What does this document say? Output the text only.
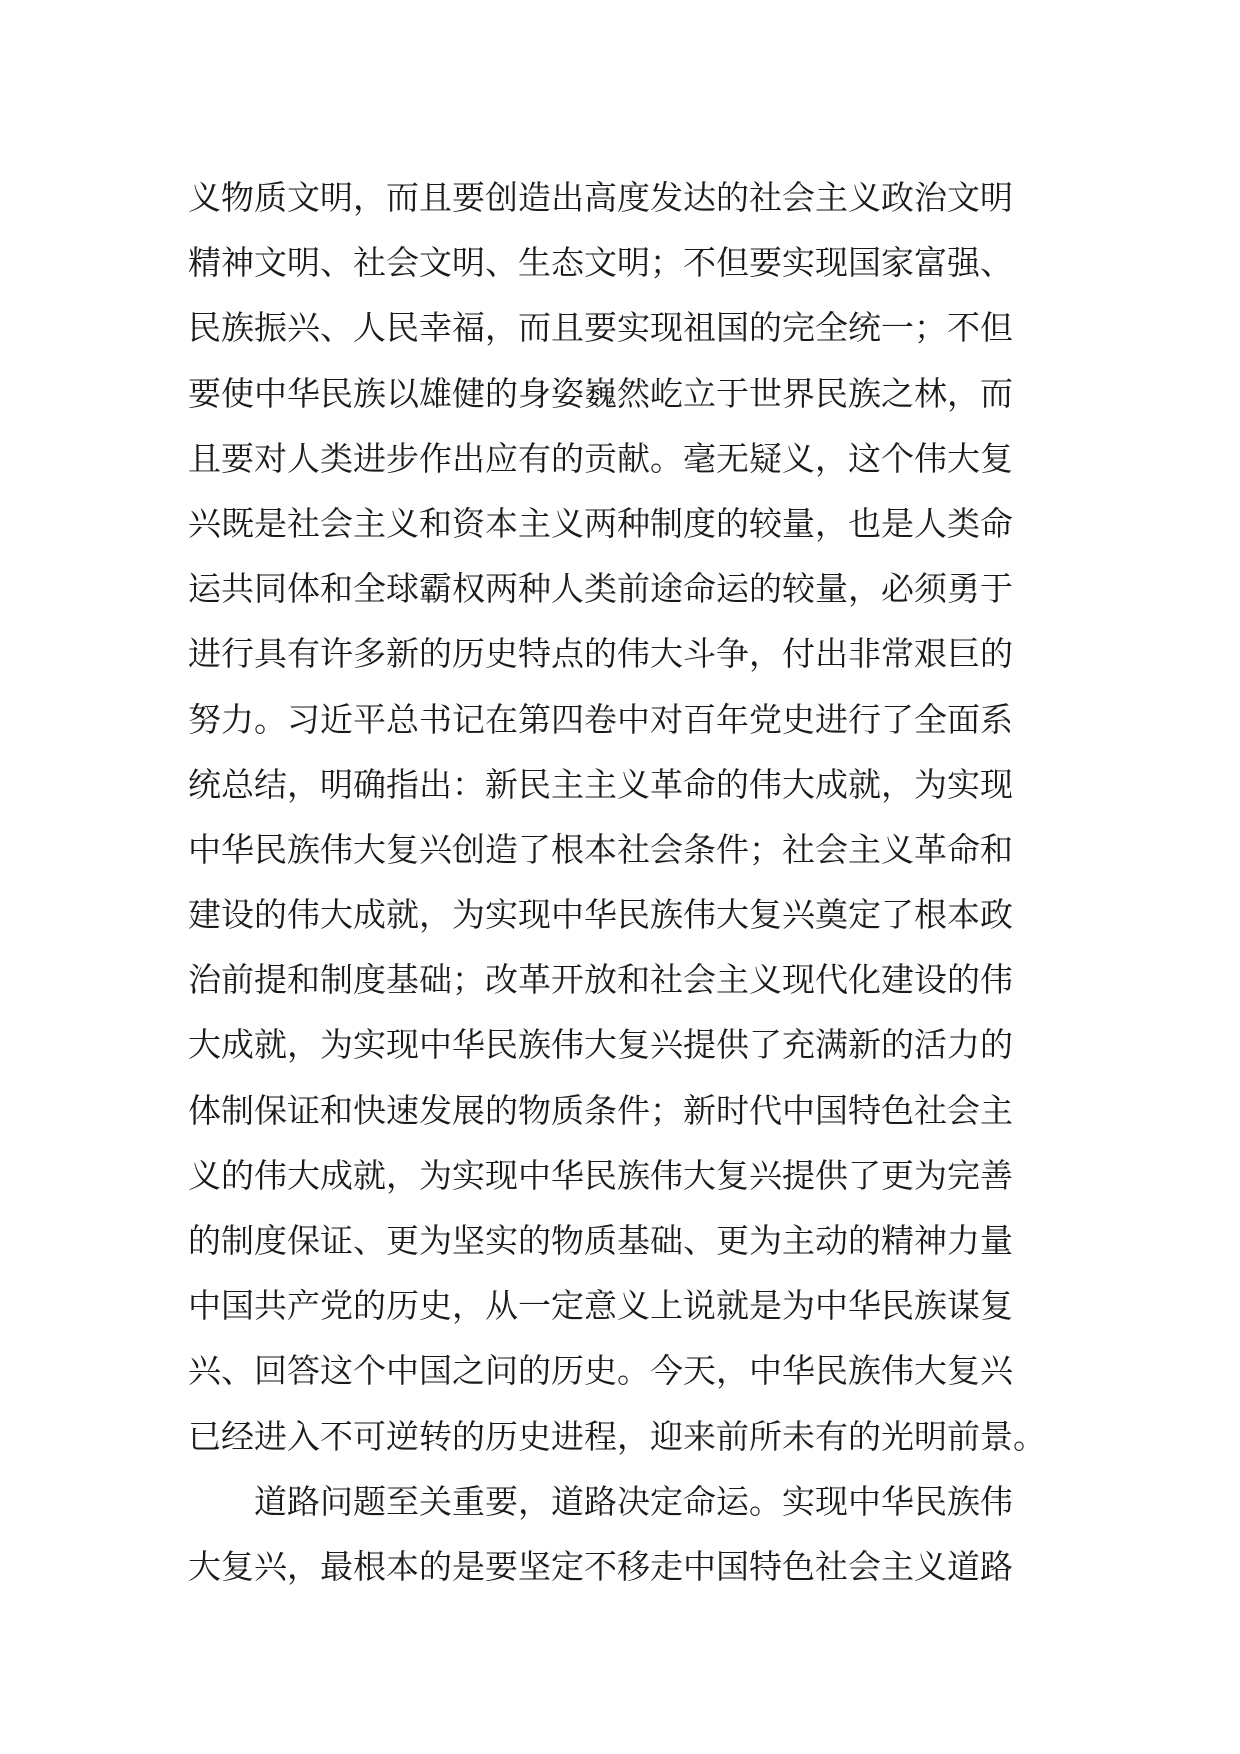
义物质文明，而且要创造出高度发达的社会主义政治文明
精神文明、社会文明、生态文明；不但要实现国家富强、
民族振兴、人民幸福，而且要实现祖国的完全统一；不但
要使中华民族以雄健的身姿巍然屹立于世界民族之林，而
且要对人类进步作出应有的贡献。毫无疑义，这个伟大复
兴既是社会主义和资本主义两种制度的较量，也是人类命
运共同体和全球霸权两种人类前途命运的较量，必须勇于
进行具有许多新的历史特点的伟大斗争，付出非常艰巨的
努力。习近平总书记在第四卷中对百年党史进行了全面系
统总结，明确指出：新民主主义革命的伟大成就，为实现
中华民族伟大复兴创造了根本社会条件；社会主义革命和
建设的伟大成就，为实现中华民族伟大复兴奠定了根本政
治前提和制度基础；改革开放和社会主义现代化建设的伟
大成就，为实现中华民族伟大复兴提供了充满新的活力的
体制保证和快速发展的物质条件；新时代中国特色社会主
义的伟大成就，为实现中华民族伟大复兴提供了更为完善
的制度保证、更为坚实的物质基础、更为主动的精神力量
中国共产党的历史，从一定意义上说就是为中华民族谋复
兴、回答这个中国之问的历史。今天，中华民族伟大复兴
已经进入不可逆转的历史进程，迎来前所未有的光明前景。
道路问题至关重要，道路决定命运。实现中华民族伟
大复兴，最根本的是要坚定不移走中国特色社会主义道路
